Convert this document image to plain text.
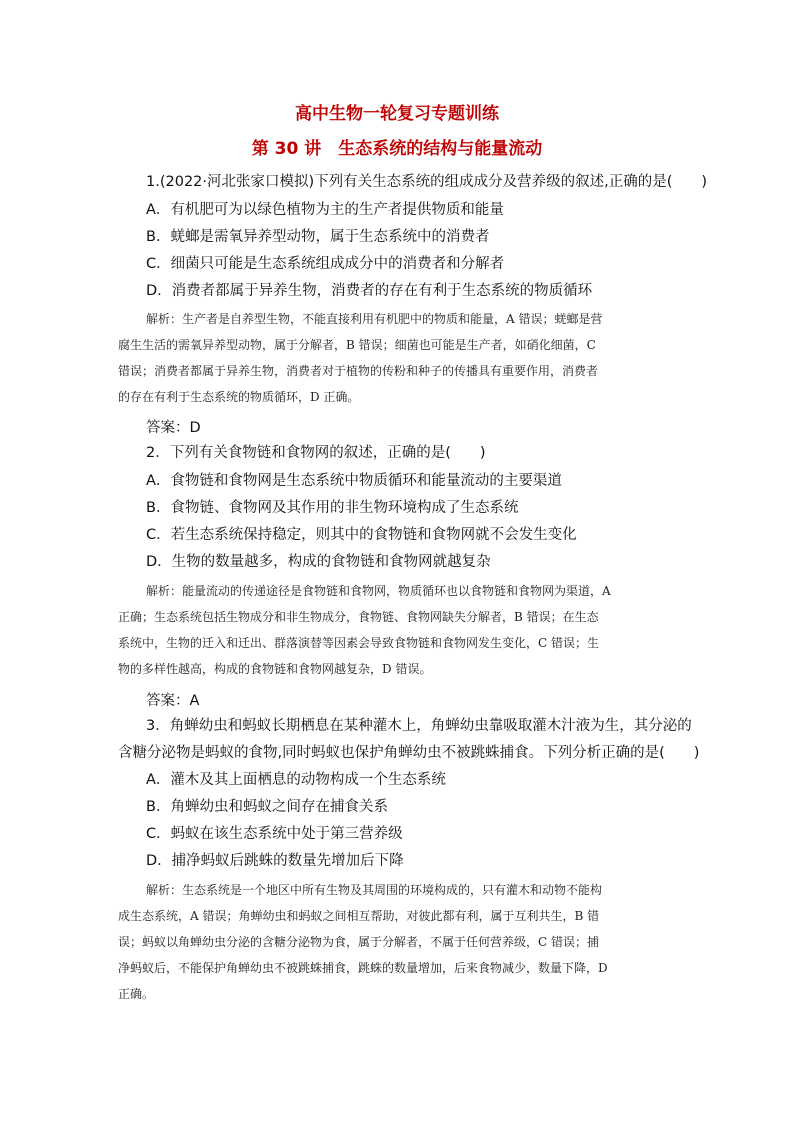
高中生物一轮复习专题训练
第 30 讲　生态系统的结构与能量流动
1.(2022·河北张家口模拟)下列有关生态系统的组成成分及营养级的叙述,正确的是(　　)
A．有机肥可为以绿色植物为主的生产者提供物质和能量
B．蜣螂是需氧异养型动物，属于生态系统中的消费者
C．细菌只可能是生态系统组成成分中的消费者和分解者
D．消费者都属于异养生物，消费者的存在有利于生态系统的物质循环
解析：生产者是自养型生物，不能直接利用有机肥中的物质和能量，A 错误；蜣螂是营
腐生生活的需氧异养型动物，属于分解者，B 错误；细菌也可能是生产者，如硝化细菌，C
错误；消费者都属于异养生物，消费者对于植物的传粉和种子的传播具有重要作用，消费者
的存在有利于生态系统的物质循环，D 正确。
答案：D
2．下列有关食物链和食物网的叙述，正确的是(　　)
A．食物链和食物网是生态系统中物质循环和能量流动的主要渠道
B．食物链、食物网及其作用的非生物环境构成了生态系统
C．若生态系统保持稳定，则其中的食物链和食物网就不会发生变化
D．生物的数量越多，构成的食物链和食物网就越复杂
解析：能量流动的传递途径是食物链和食物网，物质循环也以食物链和食物网为渠道，A
正确；生态系统包括生物成分和非生物成分，食物链、食物网缺失分解者，B 错误；在生态
系统中，生物的迁入和迁出、群落演替等因素会导致食物链和食物网发生变化，C 错误；生
物的多样性越高，构成的食物链和食物网越复杂，D 错误。
答案：A
3．角蝉幼虫和蚂蚁长期栖息在某种灌木上，角蝉幼虫靠吸取灌木汁液为生，其分泌的
含糖分泌物是蚂蚁的食物,同时蚂蚁也保护角蝉幼虫不被跳蛛捕食。下列分析正确的是(　　)
A．灌木及其上面栖息的动物构成一个生态系统
B．角蝉幼虫和蚂蚁之间存在捕食关系
C．蚂蚁在该生态系统中处于第三营养级
D．捕净蚂蚁后跳蛛的数量先增加后下降
解析：生态系统是一个地区中所有生物及其周围的环境构成的，只有灌木和动物不能构
成生态系统，A 错误；角蝉幼虫和蚂蚁之间相互帮助，对彼此都有利，属于互利共生，B 错
误；蚂蚁以角蝉幼虫分泌的含糖分泌物为食，属于分解者，不属于任何营养级，C 错误；捕
净蚂蚁后，不能保护角蝉幼虫不被跳蛛捕食，跳蛛的数量增加，后来食物减少，数量下降，D
正确。
